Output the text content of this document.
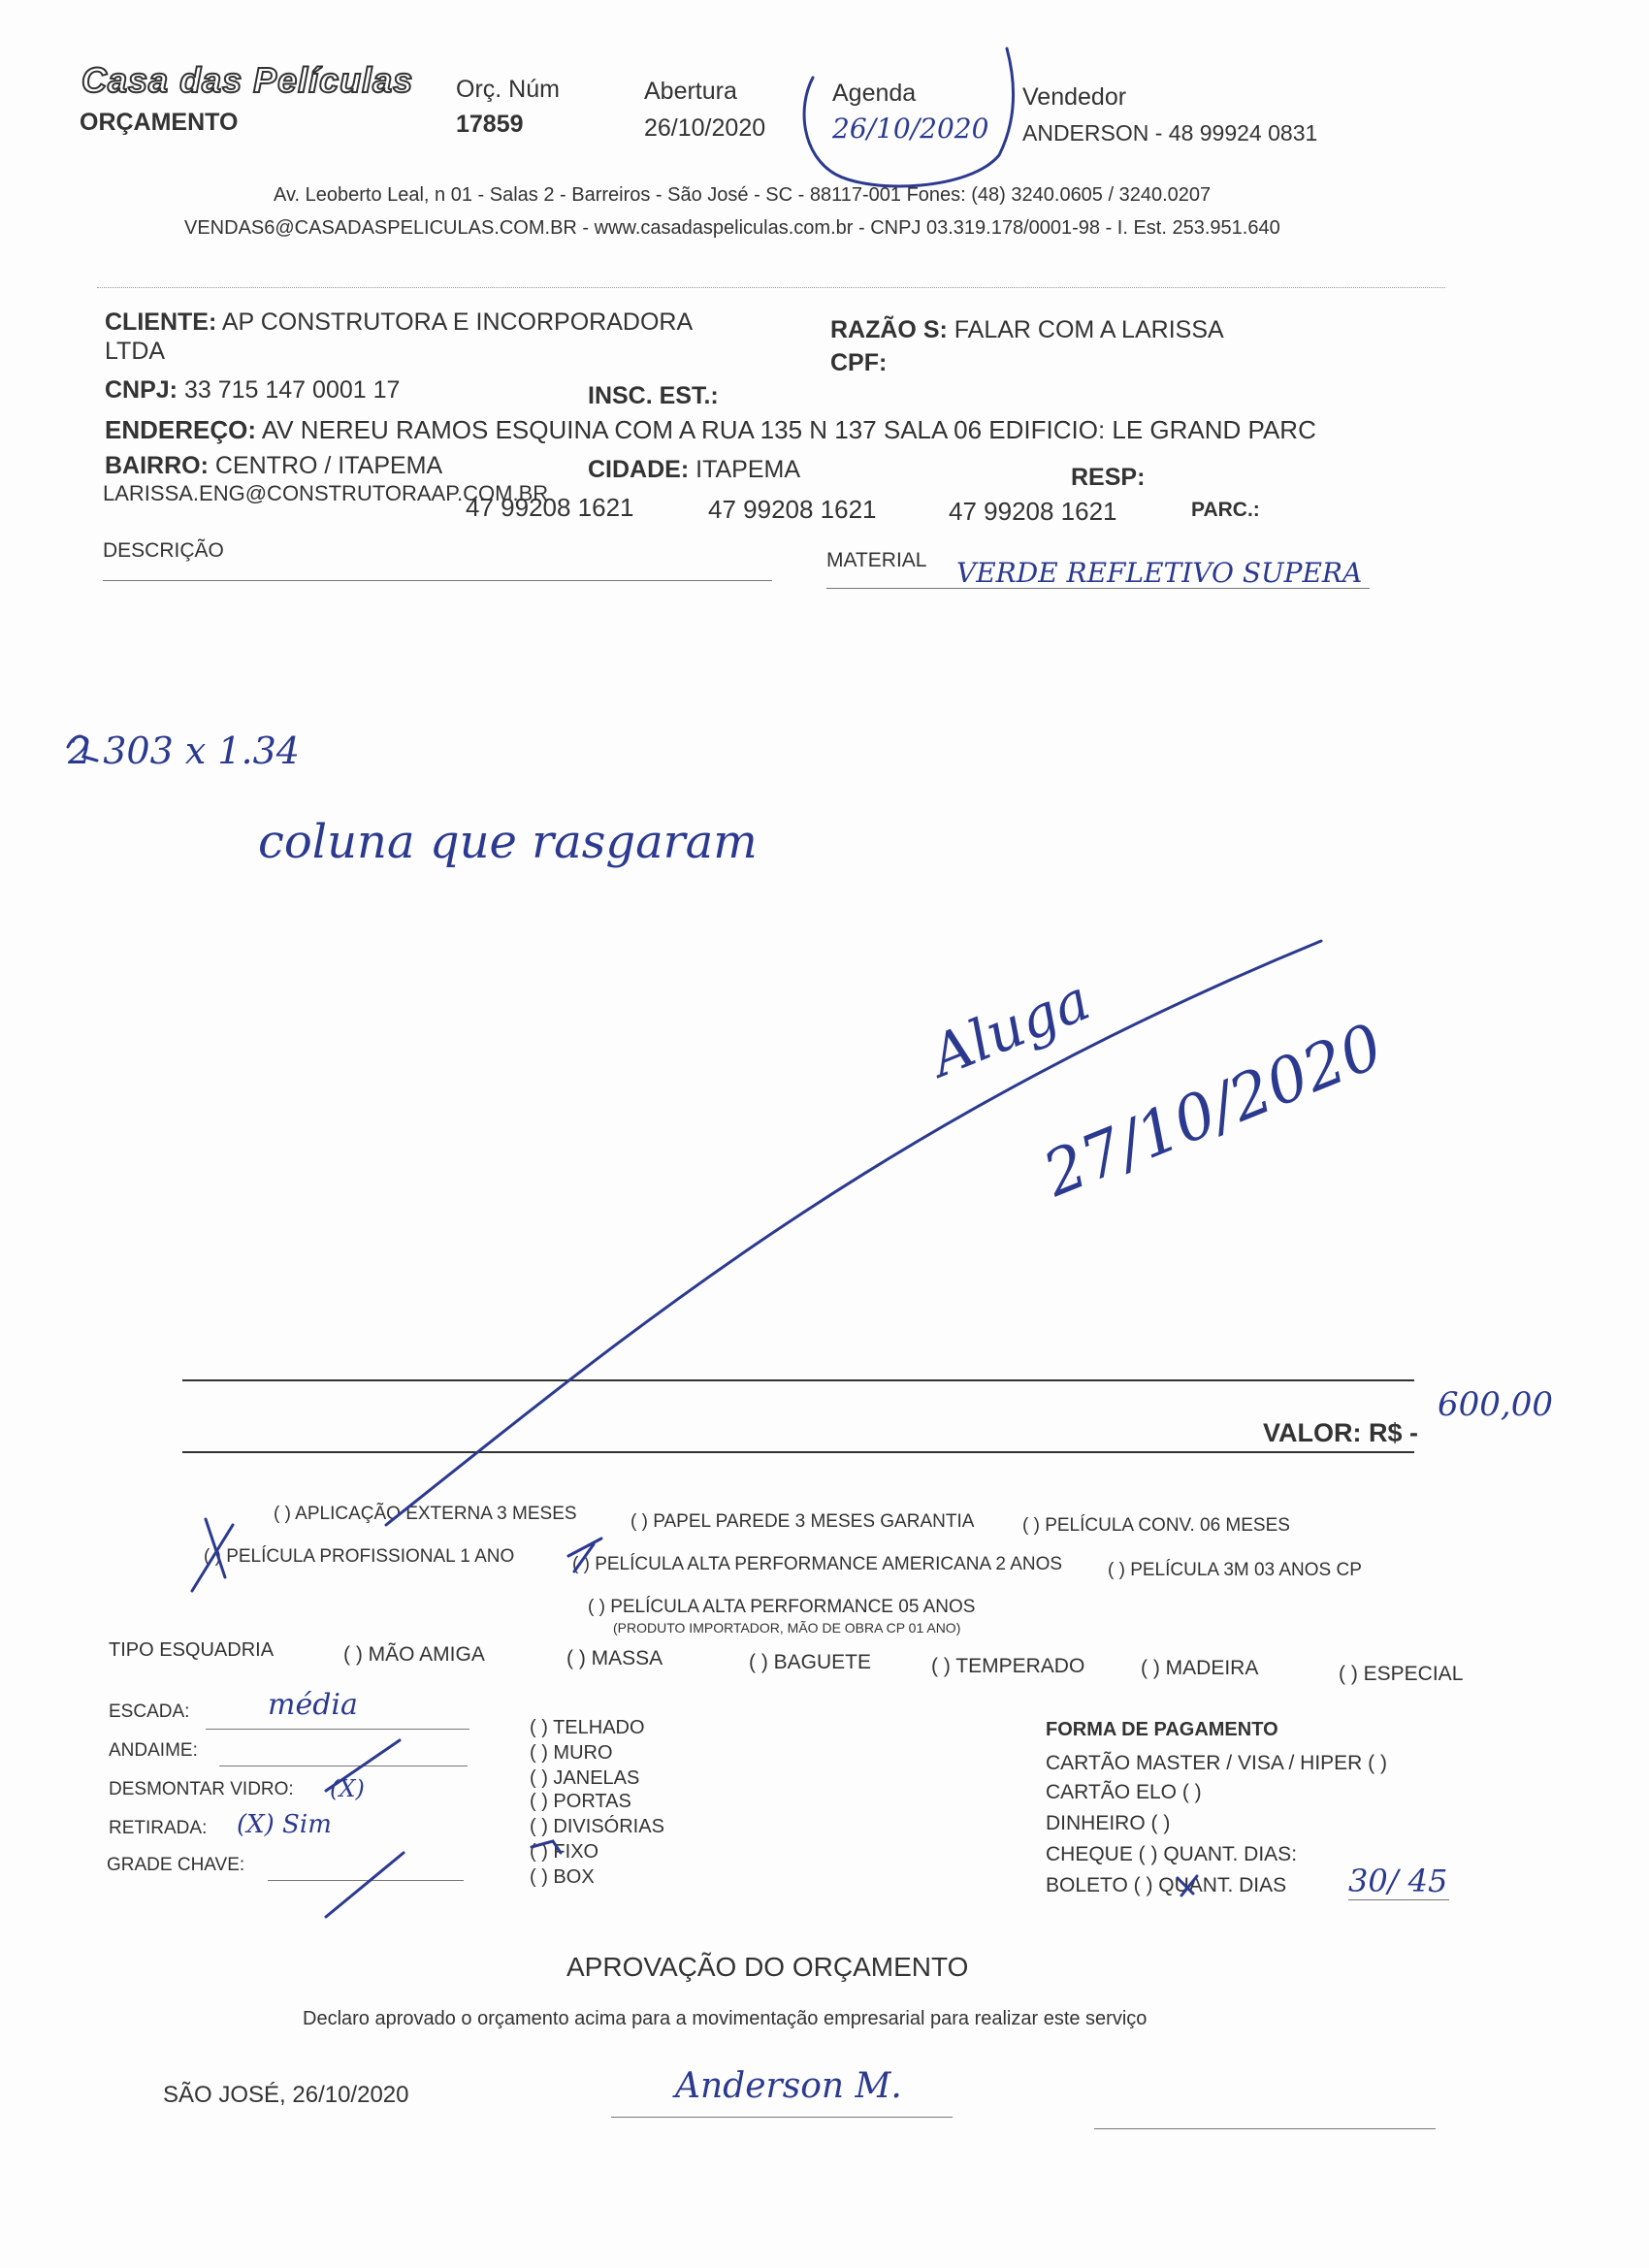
Casa das Películas
ORÇAMENTO
Orç. Núm
17859
Abertura
26/10/2020
Agenda
26/10/2020
Vendedor
ANDERSON - 48 99924 0831
Av. Leoberto Leal, n 01 - Salas 2 - Barreiros - São José - SC - 88117-001 Fones: (48) 3240.0605 / 3240.0207
VENDAS6@CASADASPELICULAS.COM.BR - www.casadaspeliculas.com.br - CNPJ 03.319.178/0001-98 - I. Est. 253.951.640
CLIENTE: AP CONSTRUTORA E INCORPORADORA
LTDA
RAZÃO S: FALAR COM A LARISSA
CPF:
CNPJ: 33 715 147 0001 17	INSC. EST.:
ENDEREÇO: AV NEREU RAMOS ESQUINA COM A RUA 135 N 137 SALA 06 EDIFICIO: LE GRAND PARC
BAIRRO: CENTRO / ITAPEMA	CIDADE: ITAPEMA	RESP:
LARISSA.ENG@CONSTRUTORAAP.COM.BR
47 99208 1621	47 99208 1621	47 99208 1621	PARC.:
DESCRIÇÃO	MATERIAL VERDE REFLETIVO SUPERA
2 303 x 1.34
coluna que rasgaram
Aluga
27/10/2020
VALOR: R$ -
600,00
( ) APLICAÇÃO EXTERNA 3 MESES	( ) PAPEL PAREDE 3 MESES GARANTIA	( ) PELÍCULA CONV. 06 MESES
( ) PELÍCULA PROFISSIONAL 1 ANO	( ) PELÍCULA ALTA PERFORMANCE AMERICANA 2 ANOS ( ) PELÍCULA 3M 03 ANOS CP
( ) PELÍCULA ALTA PERFORMANCE 05 ANOS
(PRODUTO IMPORTADOR, MÃO DE OBRA CP 01 ANO)
TIPO ESQUADRIA	( ) MÃO AMIGA	( ) MASSA	( ) BAGUETE	( ) TEMPERADO	( ) MADEIRA	( ) ESPECIAL
ESCADA:	média
ANDAIME:
DESMONTAR VIDRO: (X)
RETIRADA: (X) Sim
GRADE CHAVE:
( ) TELHADO
( ) MURO
( ) JANELAS
( ) PORTAS
( ) DIVISÓRIAS
( ) FIXO
( ) BOX
FORMA DE PAGAMENTO
CARTÃO MASTER / VISA / HIPER ( )
CARTÃO ELO ( )
DINHEIRO ( )
CHEQUE ( ) QUANT. DIAS:
BOLETO ( ) QUANT. DIAS 30/ 45
APROVAÇÃO DO ORÇAMENTO
Declaro aprovado o orçamento acima para a movimentação empresarial para realizar este serviço
SÃO JOSÉ, 26/10/2020	Anderson M.
